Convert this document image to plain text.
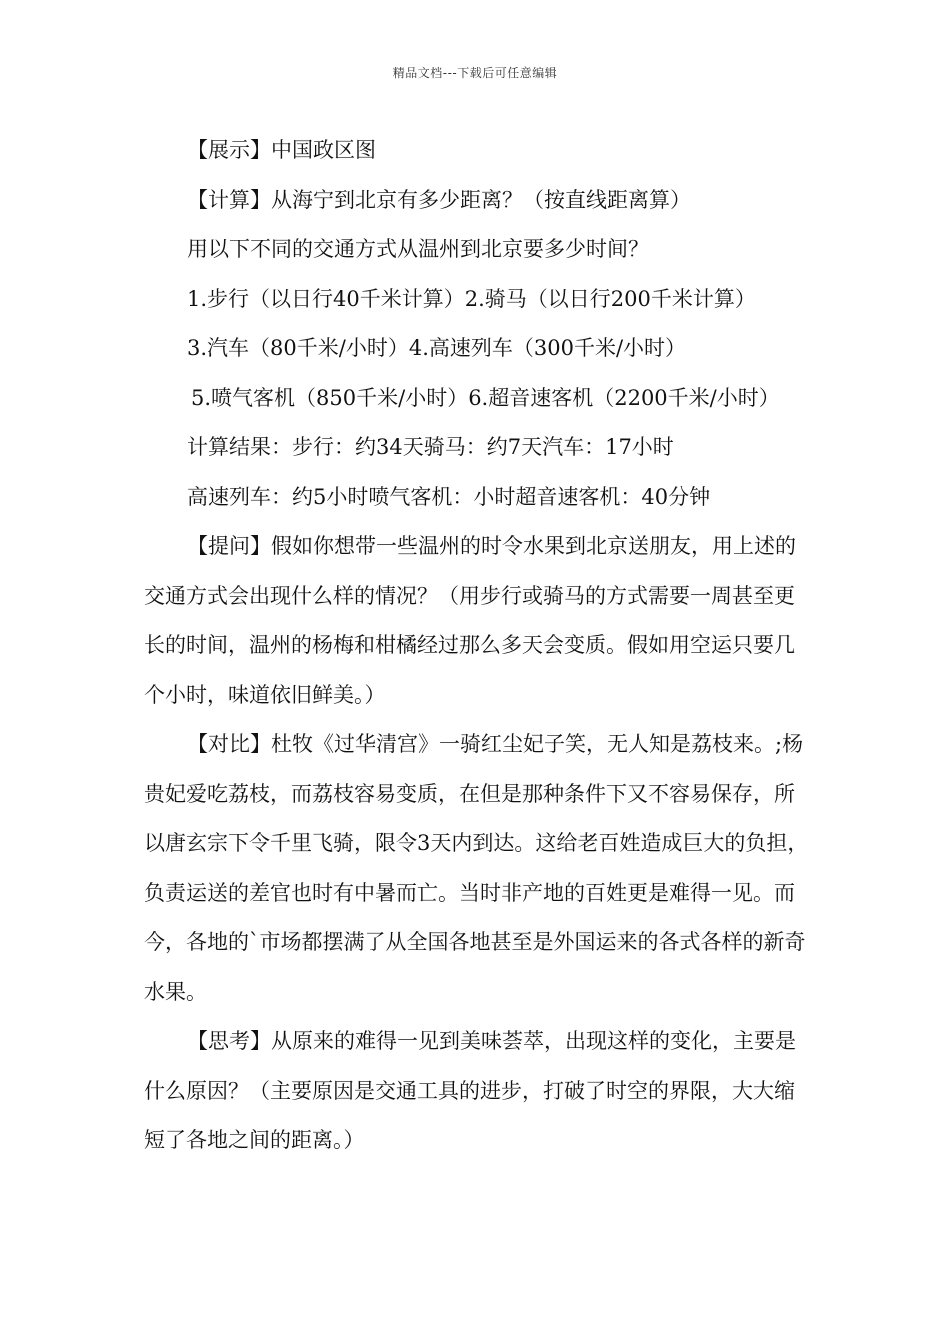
精品文档---下载后可任意编辑

【展示】中国政区图

【计算】从海宁到北京有多少距离？（按直线距离算）

用以下不同的交通方式从温州到北京要多少时间？

1.步行（以日行40千米计算）2.骑马（以日行200千米计算）

3.汽车（80千米/小时）4.高速列车（300千米/小时）

5.喷气客机（850千米/小时）6.超音速客机（2200千米/小时）

计算结果：步行：约34天骑马：约7天汽车：17小时

高速列车：约5小时喷气客机：小时超音速客机：40分钟

【提问】假如你想带一些温州的时令水果到北京送朋友，用上述的交通方式会出现什么样的情况？（用步行或骑马的方式需要一周甚至更长的时间，温州的杨梅和柑橘经过那么多天会变质。假如用空运只要几个小时，味道依旧鲜美。）

【对比】杜牧《过华清宫》一骑红尘妃子笑，无人知是荔枝来。;杨贵妃爱吃荔枝，而荔枝容易变质，在但是那种条件下又不容易保存，所以唐玄宗下令千里飞骑，限令3天内到达。这给老百姓造成巨大的负担，负责运送的差官也时有中暑而亡。当时非产地的百姓更是难得一见。而今，各地的`市场都摆满了从全国各地甚至是外国运来的各式各样的新奇水果。

【思考】从原来的难得一见到美味荟萃，出现这样的变化，主要是什么原因？（主要原因是交通工具的进步，打破了时空的界限，大大缩短了各地之间的距离。）
